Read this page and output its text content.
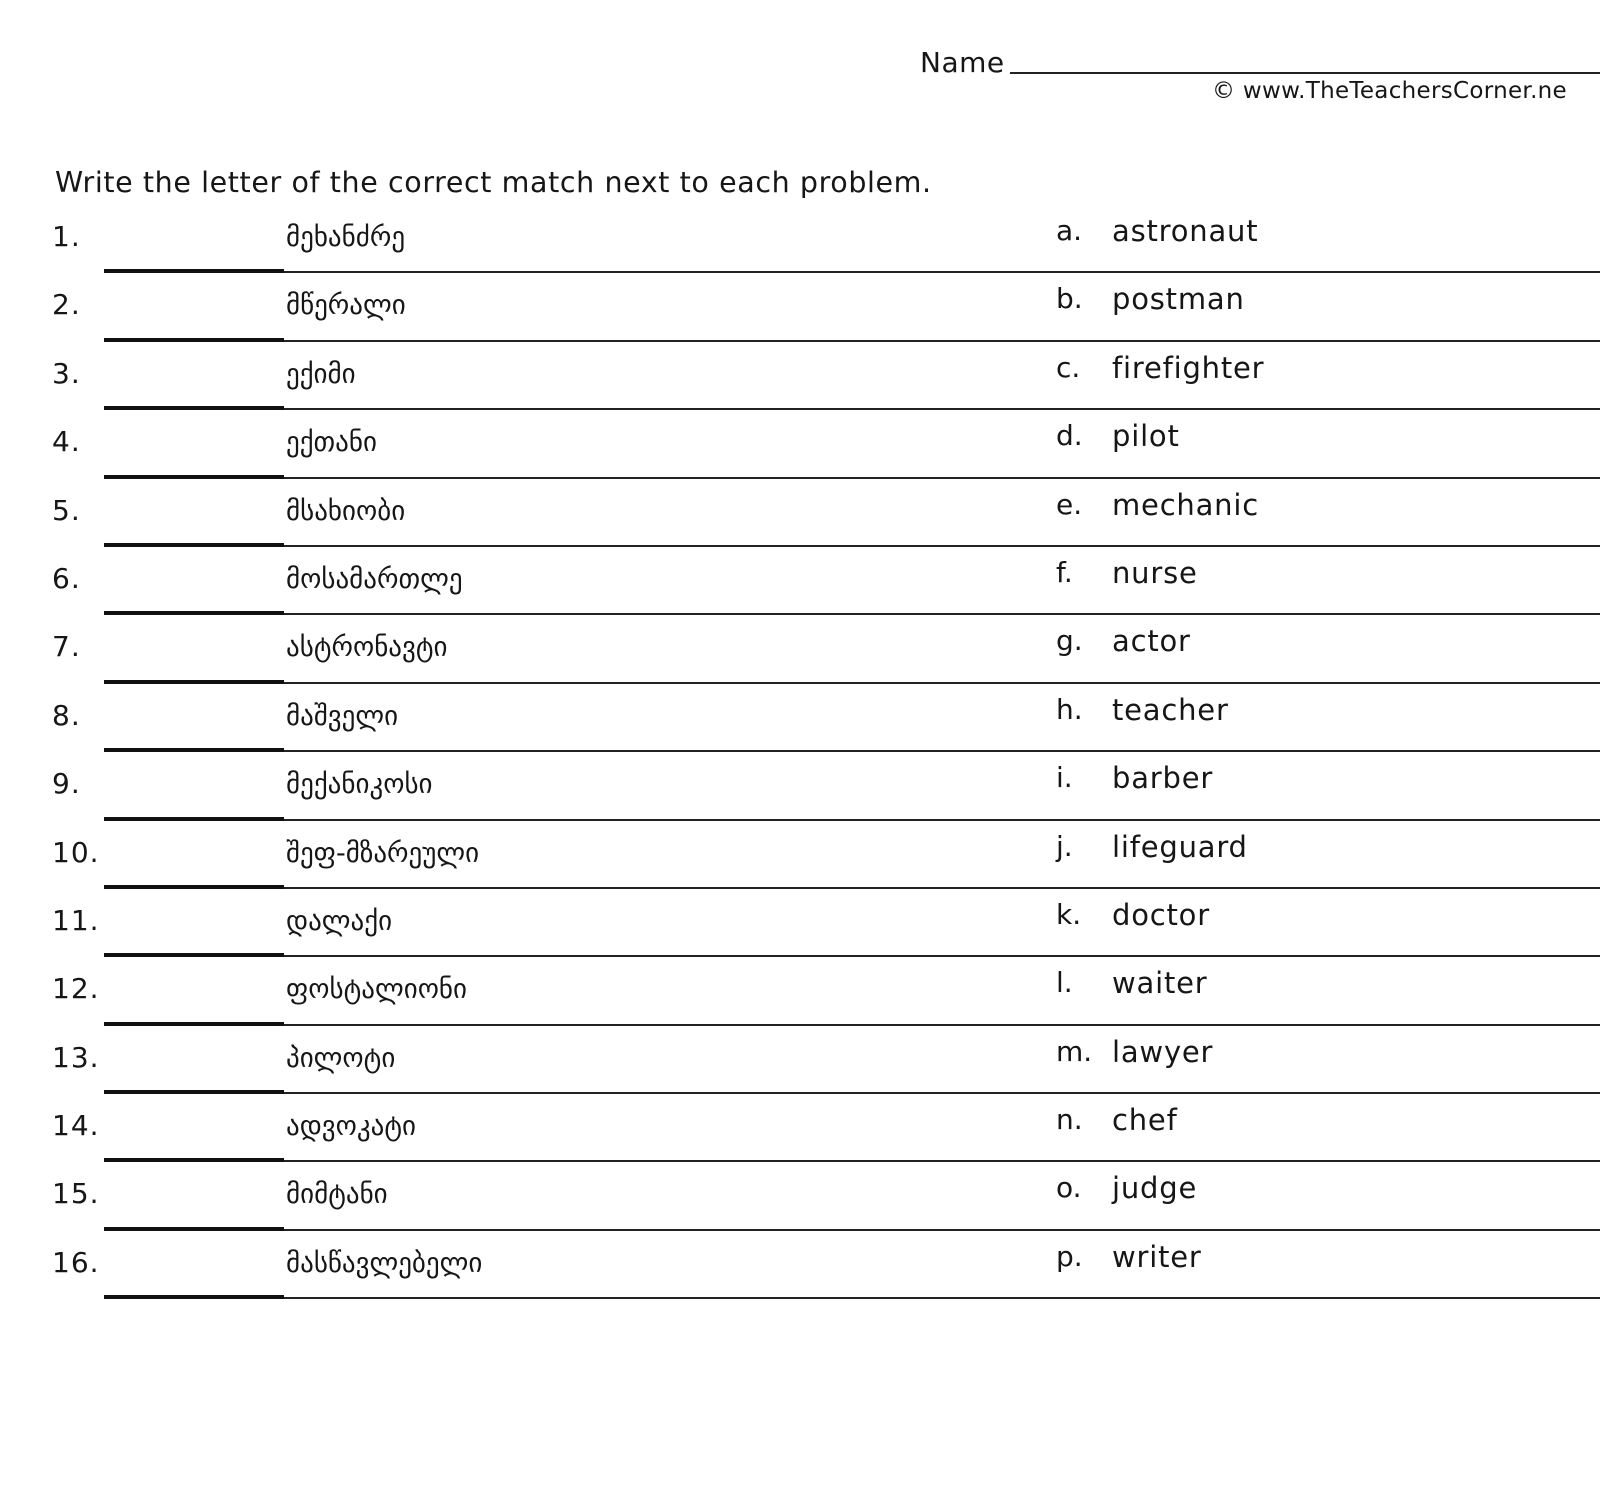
Name
© www.TheTeachersCorner.ne
Write the letter of the correct match next to each problem.
1.	მეხანძრე	a. astronaut
2.	მწერალი	b. postman
3.	ექიმი	c. firefighter
4.	ექთანი	d. pilot
5.	მსახიობი	e. mechanic
6.	მოსამართლე	f. nurse
7.	ასტრონავტი	g. actor
8.	მაშველი	h. teacher
9.	მექანიკოსი	i. barber
10.	შეფ-მზარეული	j. lifeguard
11.	დალაქი	k. doctor
12.	ფოსტალიონი	l. waiter
13.	პილოტი	m. lawyer
14.	ადვოკატი	n. chef
15.	მიმტანი	o. judge
16.	მასწავლებელი	p. writer
